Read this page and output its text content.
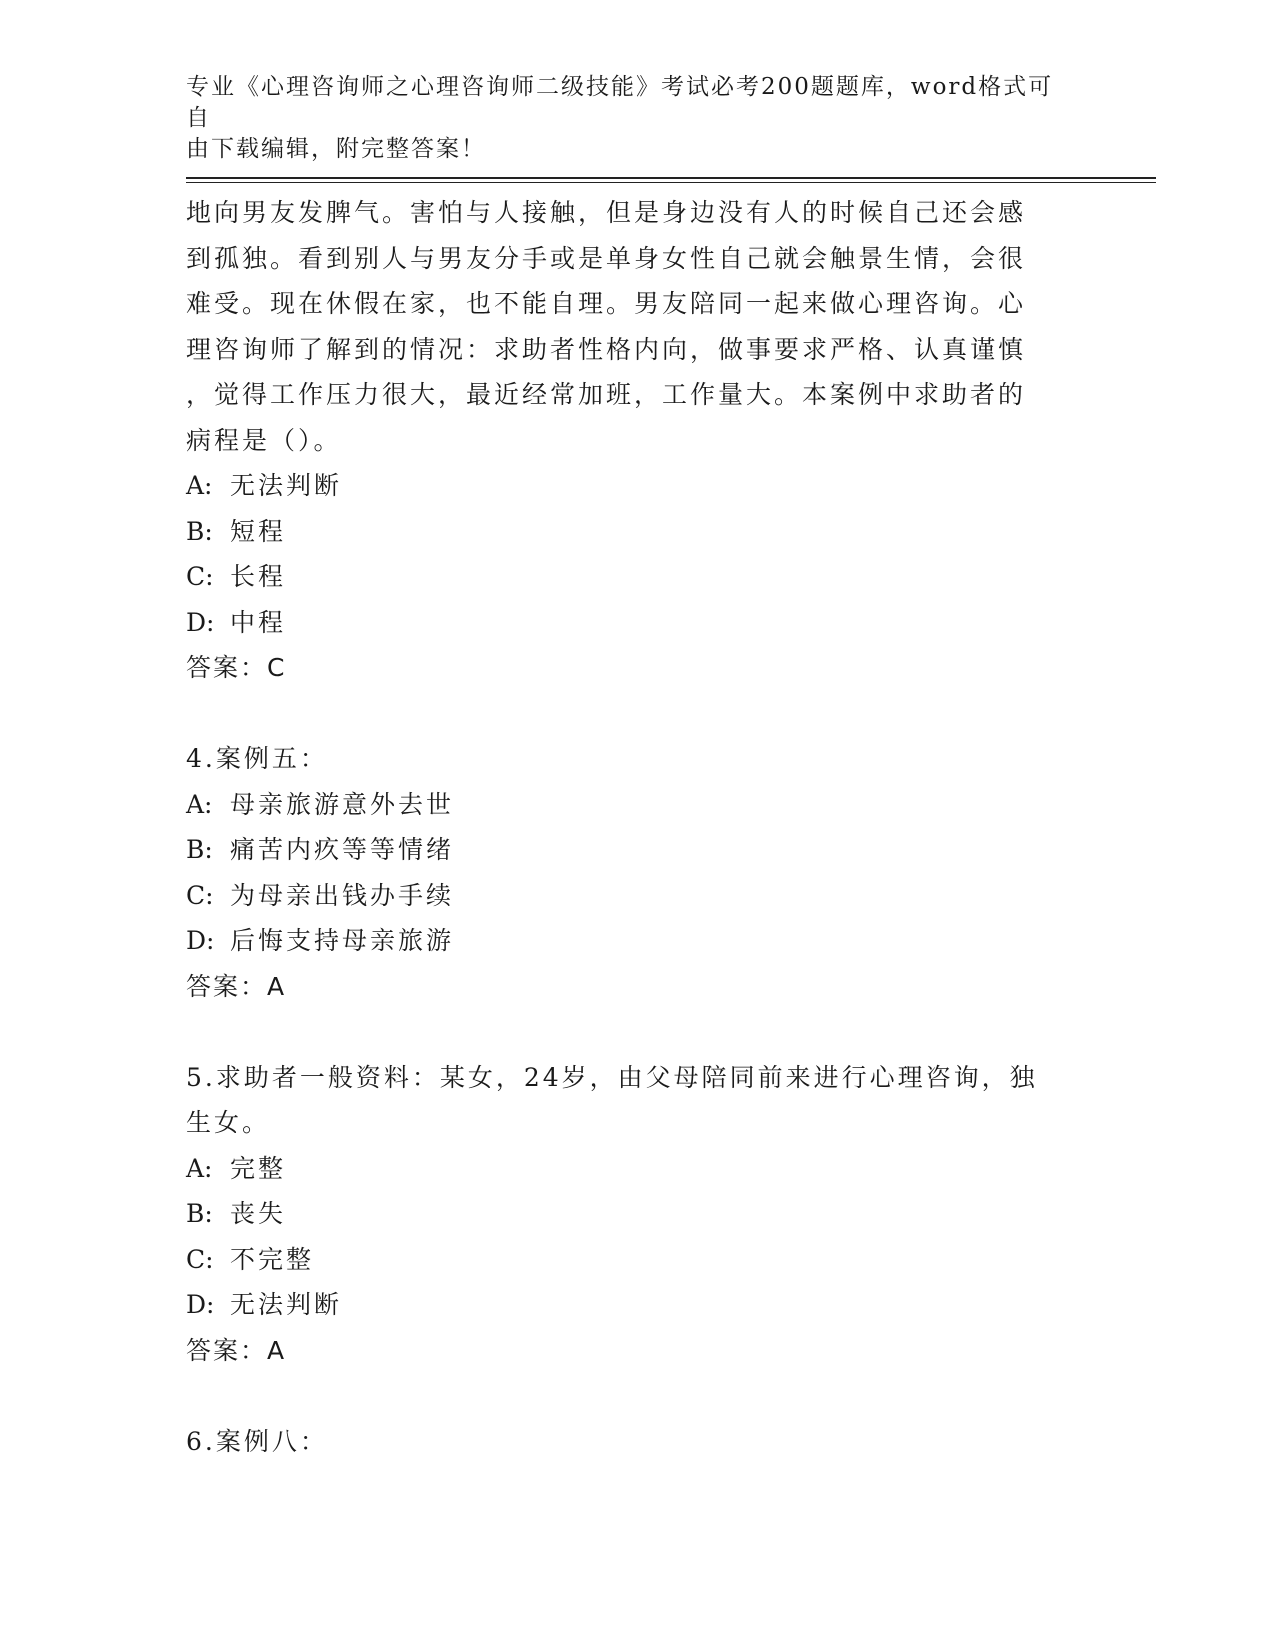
专业《心理咨询师之心理咨询师二级技能》考试必考200题题库，word格式可自
由下载编辑，附完整答案！

地向男友发脾气。害怕与人接触，但是身边没有人的时候自己还会感

到孤独。看到别人与男友分手或是单身女性自己就会触景生情，会很

难受。现在休假在家，也不能自理。男友陪同一起来做心理咨询。心

理咨询师了解到的情况：求助者性格内向，做事要求严格、认真谨慎

，觉得工作压力很大，最近经常加班，工作量大。本案例中求助者的

病程是（）。

A: 无法判断

B: 短程

C: 长程

D: 中程

答案：C

4.案例五：

A: 母亲旅游意外去世

B: 痛苦内疚等等情绪

C: 为母亲出钱办手续

D: 后悔支持母亲旅游

答案：A

5.求助者一般资料：某女，24岁，由父母陪同前来进行心理咨询，独

生女。

A: 完整

B: 丧失

C: 不完整

D: 无法判断

答案：A

6.案例八：
